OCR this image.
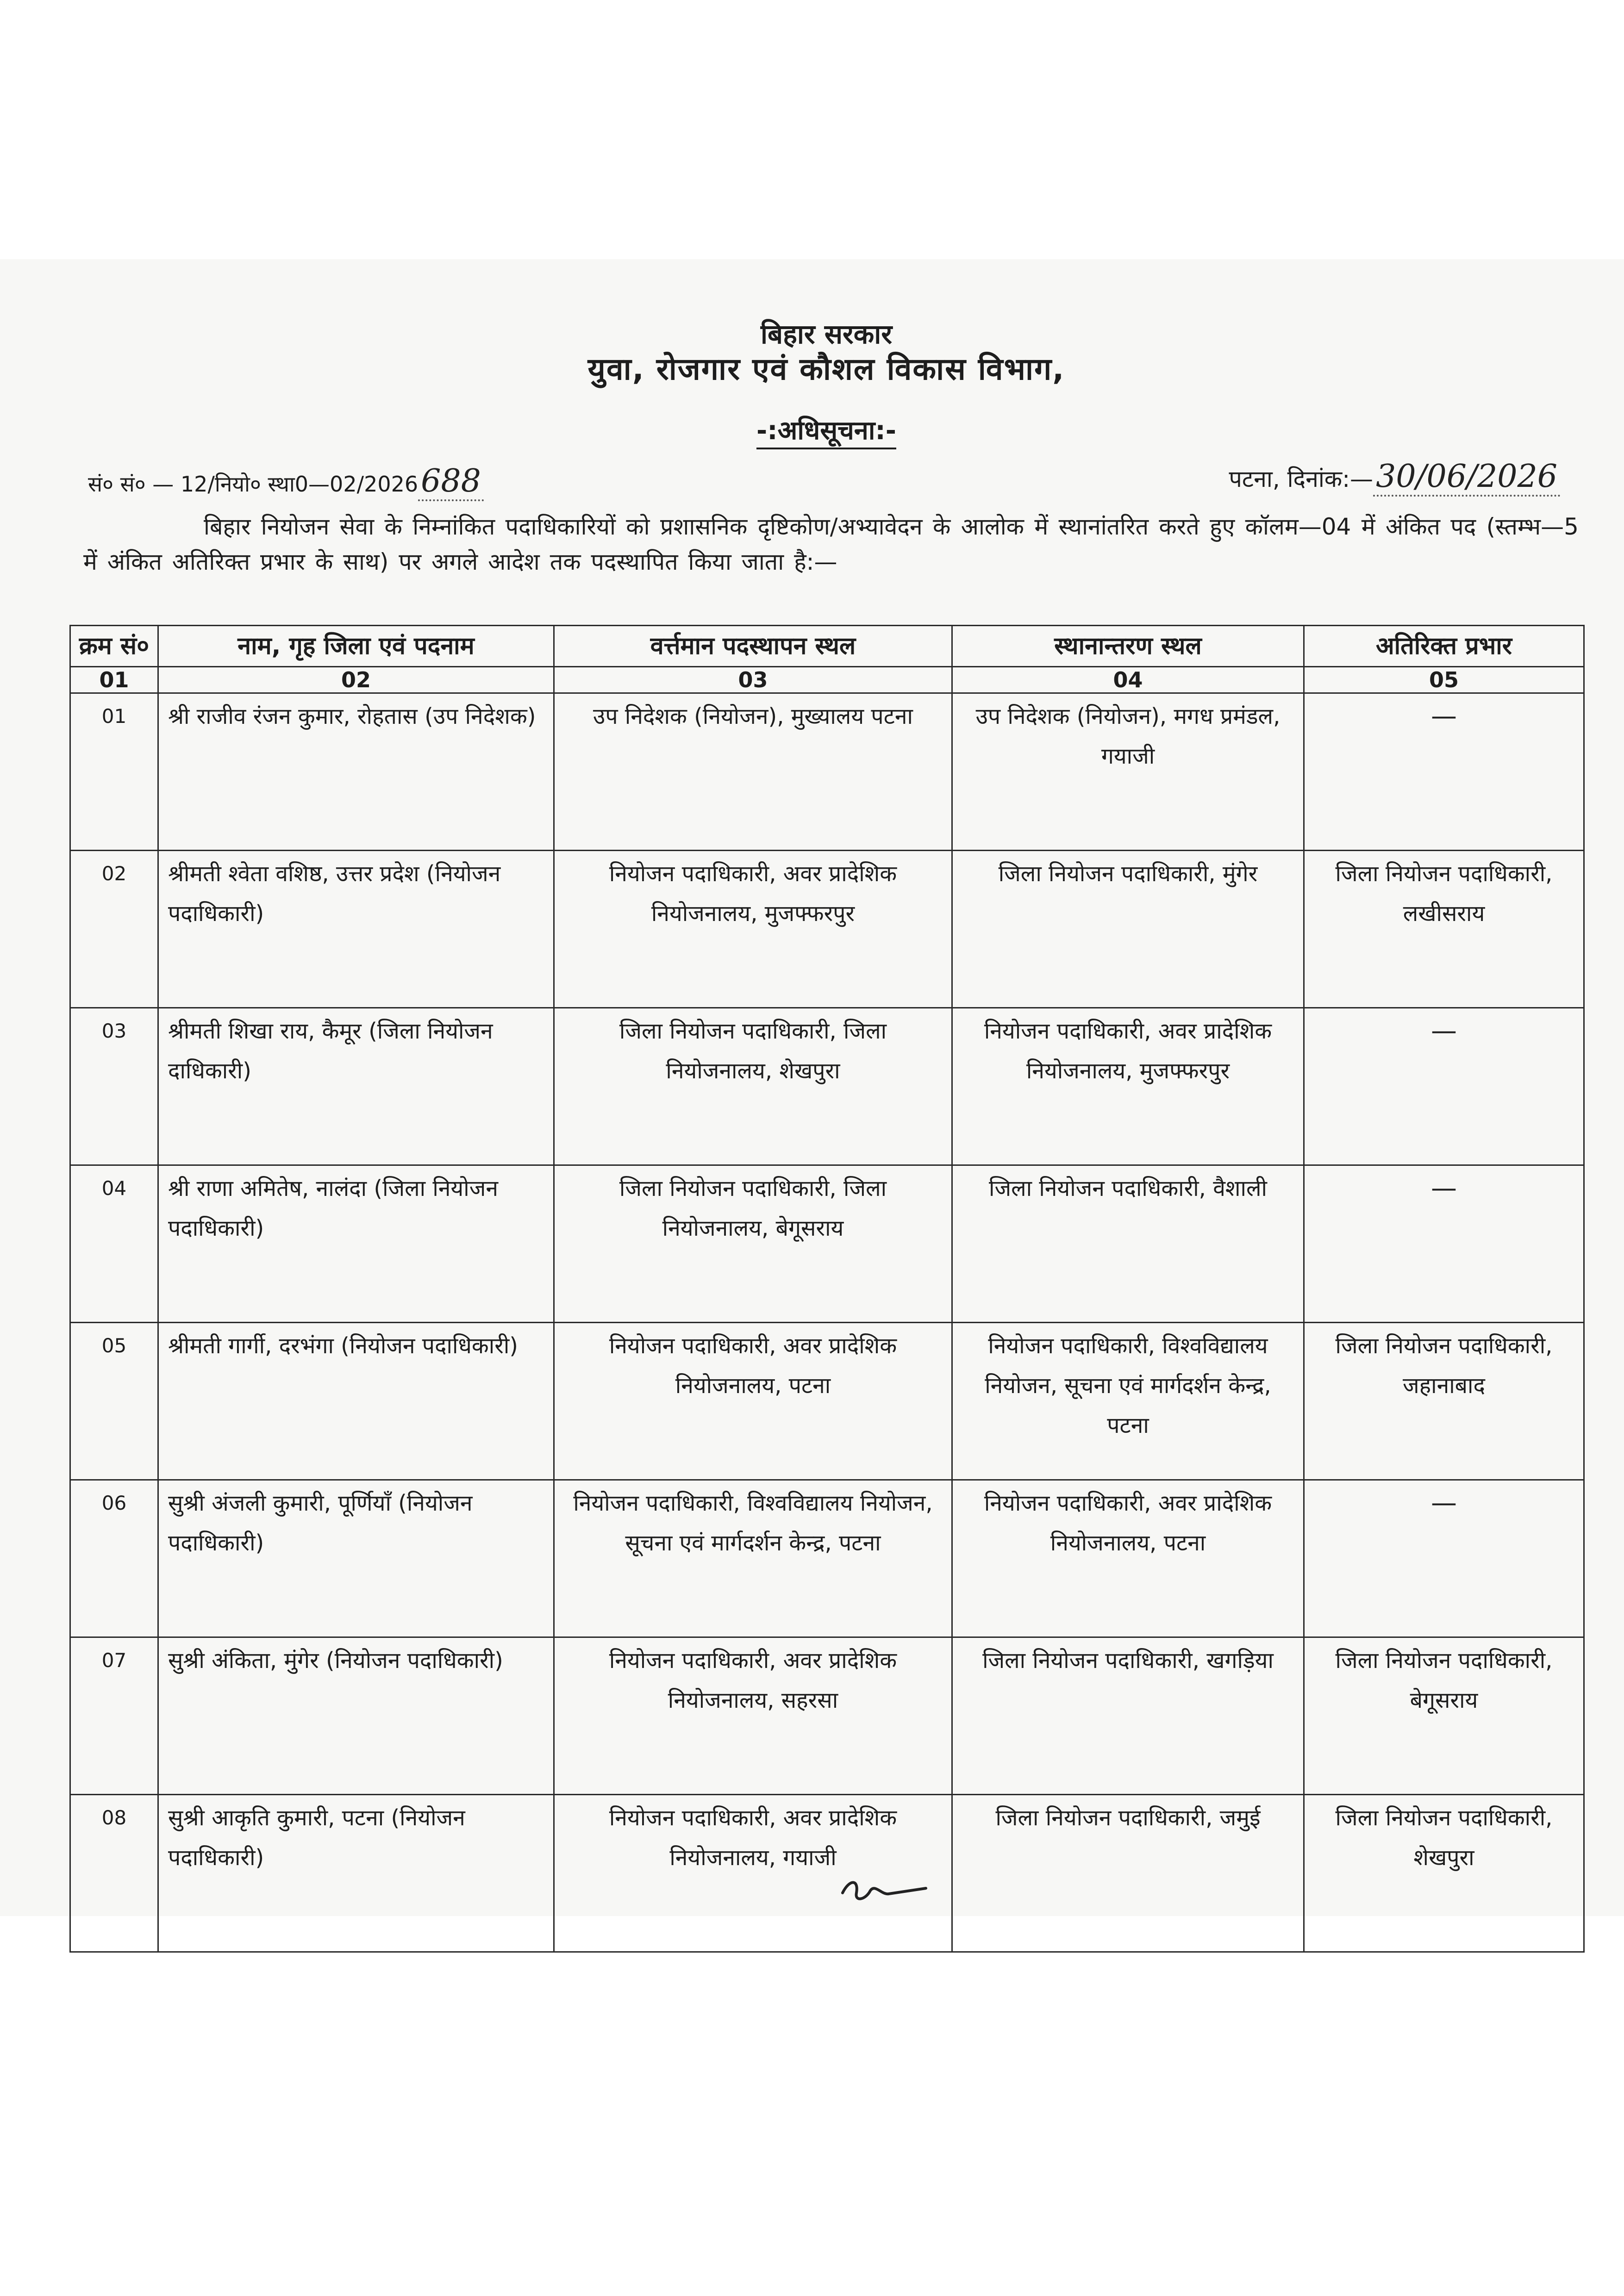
बिहार सरकार
युवा, रोजगार एवं कौशल विकास विभाग,
-:अधिसूचना:-
सं० सं० — 12/नियो० स्था0—02/2026688	पटना, दिनांक:—30/06/2026
बिहार नियोजन सेवा के निम्नांकित पदाधिकारियों को प्रशासनिक दृष्टिकोण/अभ्यावेदन के आलोक में स्थानांतरित करते हुए कॉलम—04 में अंकित पद (स्तम्भ—5 में अंकित अतिरिक्त प्रभार के साथ) पर अगले आदेश तक पदस्थापित किया जाता है:—
क्रम सं०	नाम, गृह जिला एवं पदनाम	वर्त्तमान पदस्थापन स्थल	स्थानान्तरण स्थल	अतिरिक्त प्रभार
01	02	03	04	05
01	श्री राजीव रंजन कुमार, रोहतास (उप निदेशक)	उप निदेशक (नियोजन), मुख्यालय पटना	उप निदेशक (नियोजन), मगध प्रमंडल, गयाजी	—
02	श्रीमती श्वेता वशिष्ठ, उत्तर प्रदेश (नियोजन पदाधिकारी)	नियोजन पदाधिकारी, अवर प्रादेशिक नियोजनालय, मुजफ्फरपुर	जिला नियोजन पदाधिकारी, मुंगेर	जिला नियोजन पदाधिकारी, लखीसराय
03	श्रीमती शिखा राय, कैमूर (जिला नियोजन दाधिकारी)	जिला नियोजन पदाधिकारी, जिला नियोजनालय, शेखपुरा	नियोजन पदाधिकारी, अवर प्रादेशिक नियोजनालय, मुजफ्फरपुर	—
04	श्री राणा अमितेष, नालंदा (जिला नियोजन पदाधिकारी)	जिला नियोजन पदाधिकारी, जिला नियोजनालय, बेगूसराय	जिला नियोजन पदाधिकारी, वैशाली	—
05	श्रीमती गार्गी, दरभंगा (नियोजन पदाधिकारी)	नियोजन पदाधिकारी, अवर प्रादेशिक नियोजनालय, पटना	नियोजन पदाधिकारी, विश्वविद्यालय नियोजन, सूचना एवं मार्गदर्शन केन्द्र, पटना	जिला नियोजन पदाधिकारी, जहानाबाद
06	सुश्री अंजली कुमारी, पूर्णियाँ (नियोजन पदाधिकारी)	नियोजन पदाधिकारी, विश्वविद्यालय नियोजन, सूचना एवं मार्गदर्शन केन्द्र, पटना	नियोजन पदाधिकारी, अवर प्रादेशिक नियोजनालय, पटना	—
07	सुश्री अंकिता, मुंगेर (नियोजन पदाधिकारी)	नियोजन पदाधिकारी, अवर प्रादेशिक नियोजनालय, सहरसा	जिला नियोजन पदाधिकारी, खगड़िया	जिला नियोजन पदाधिकारी, बेगूसराय
08	सुश्री आकृति कुमारी, पटना (नियोजन पदाधिकारी)	नियोजन पदाधिकारी, अवर प्रादेशिक नियोजनालय, गयाजी	जिला नियोजन पदाधिकारी, जमुई	जिला नियोजन पदाधिकारी, शेखपुरा
